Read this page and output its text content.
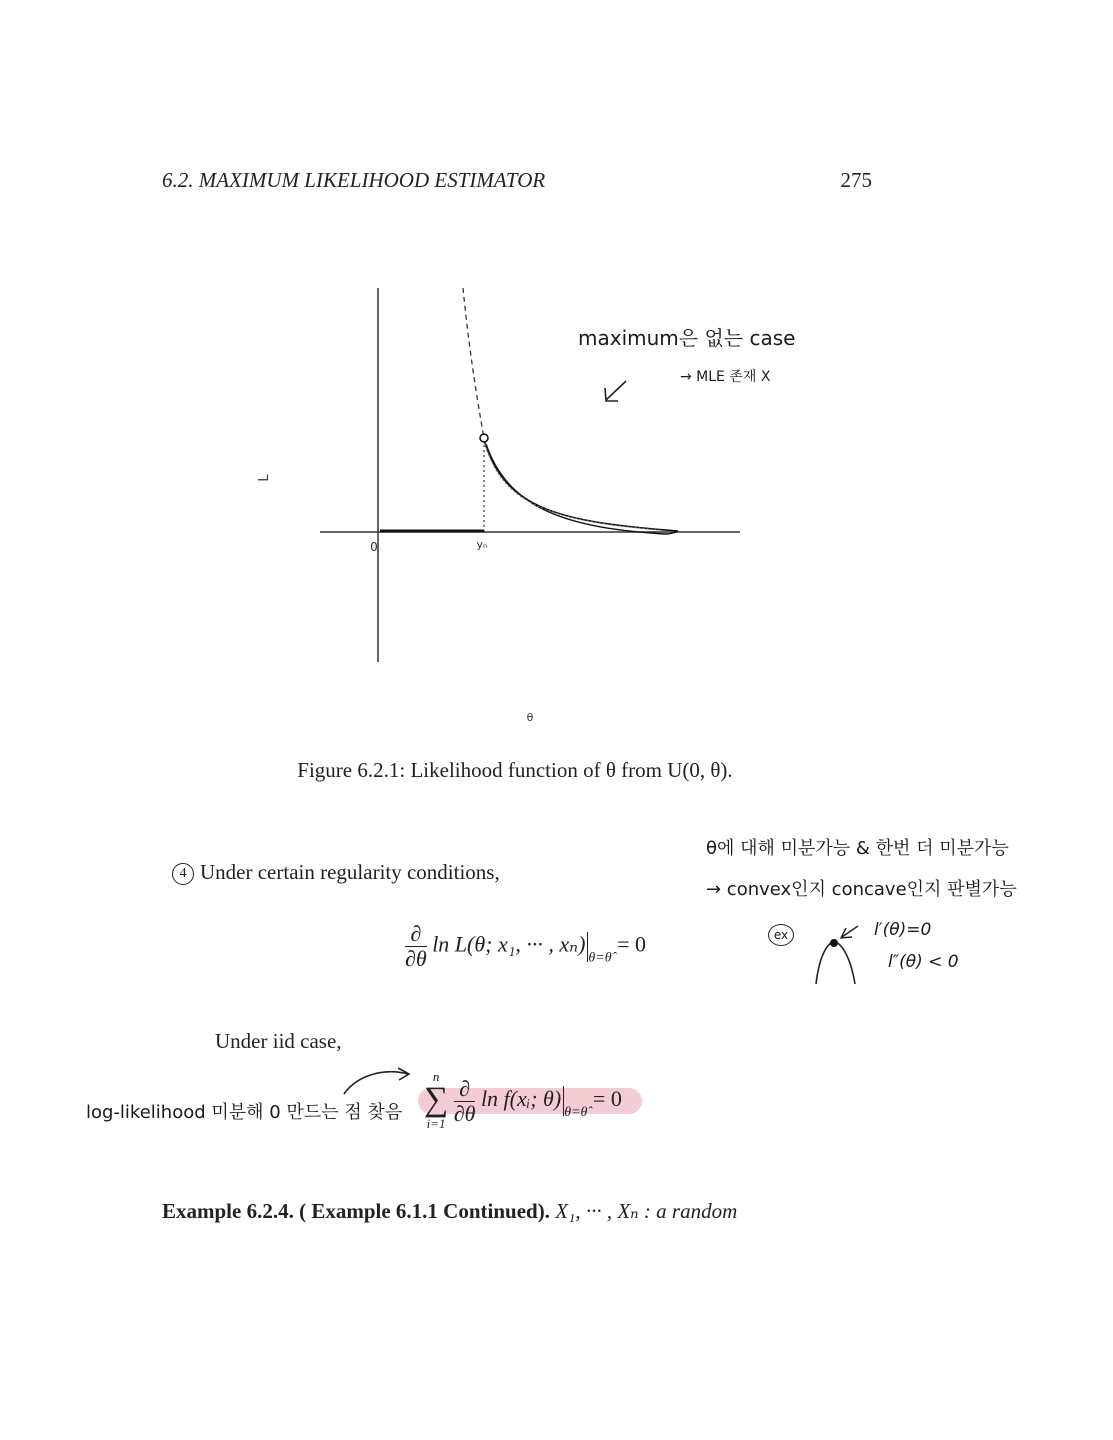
6.2. MAXIMUM LIKELIHOOD ESTIMATOR	275
L
0	yₙ
θ
maximum은 없는 case
→ MLE 존재 X
Figure 6.2.1: Likelihood function of θ from U(0, θ).
θ에 대해 미분가능 & 한번 더 미분가능
→ convex인지 concave인지 판별가능
ex	l′(θ)=0
l″(θ) < 0
4 Under certain regularity conditions,
$\frac{\partial}{\partial\theta}$ ln L(θ; x₁, ··· , $x_n)_{\theta=\thetâ} = 0$
Under iid case,
n
∑
i=1
$\frac{\partial}{\partial\theta}$ ln f(xᵢ; $\theta)_{\theta=\thetâ} = 0$
log-likelihood 미분해 0 만드는 점 찾음
Example 6.2.4. ( Example 6.1.1 Continued). X₁, ··· , Xₙ : a random
